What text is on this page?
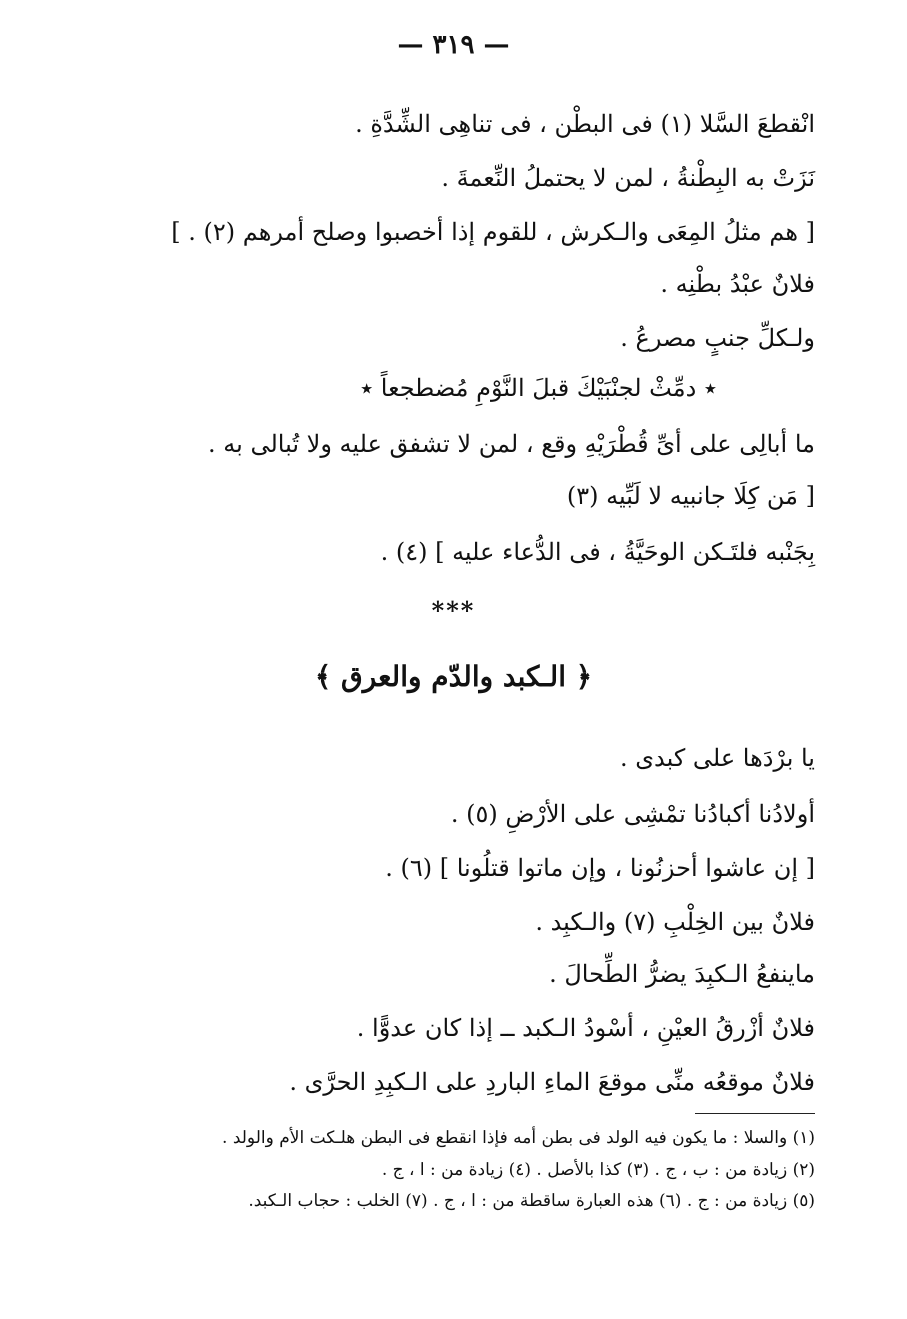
— ٣١٩ —
انْقطعَ السَّلا (١) فى البطْن ، فى تناهِى الشِّدَّةِ .
نَزَتْ به البِطْنةُ ، لمن لا يحتملُ النِّعمةَ .
[ هم مثلُ المِعَى والـكرش ، للقوم إذا أخصبوا وصلح أمرهم (٢) . ]
فلانٌ عبْدُ بطْنِه .
ولـكلِّ جنبٍ مصرعُ .
٭ دمِّثْ لجنْبَيْكَ قبلَ النَّوْمِ مُضطجعاً ٭
ما أبالِى على أىِّ قُطْرَيْهِ وقع ، لمن لا تشفق عليه ولا تُبالى به .
[ مَن كِلَا جانبيه لا لَبِّيه (٣)
بِجَنْبه فلتَـكن الوحَيَّةُ ، فى الدُّعاء عليه ] (٤) .
***
﴿ الـكبد والدّم والعرق ﴾
يا برْدَها على كبدى .
أولادُنا أكبادُنا تمْشِى على الأرْضِ (٥) .
[ إن عاشوا أحزنُونا ، وإن ماتوا قتلُونا ] (٦) .
فلانٌ بين الخِلْبِ (٧) والـكبِد .
ماينفعُ الـكبِدَ يضرُّ الطِّحالَ .
فلانٌ أزْرقُ العيْنِ ، أسْودُ الـكبد ــ إذا كان عدوًّا .
فلانٌ موقعُه منِّى موقعَ الماءِ الباردِ على الـكبِدِ الحرَّى .
(١) والسلا : ما يكون فيه الولد فى بطن أمه فإذا انقطع فى البطن هلـكت الأم والولد .
(٢) زيادة من : ب ، ج . (٣) كذا بالأصل . (٤) زيادة من : ا ، ج .
(٥) زيادة من : ج . (٦) هذه العبارة ساقطة من : ا ، ج . (٧) الخلب : حجاب الـكبد.
